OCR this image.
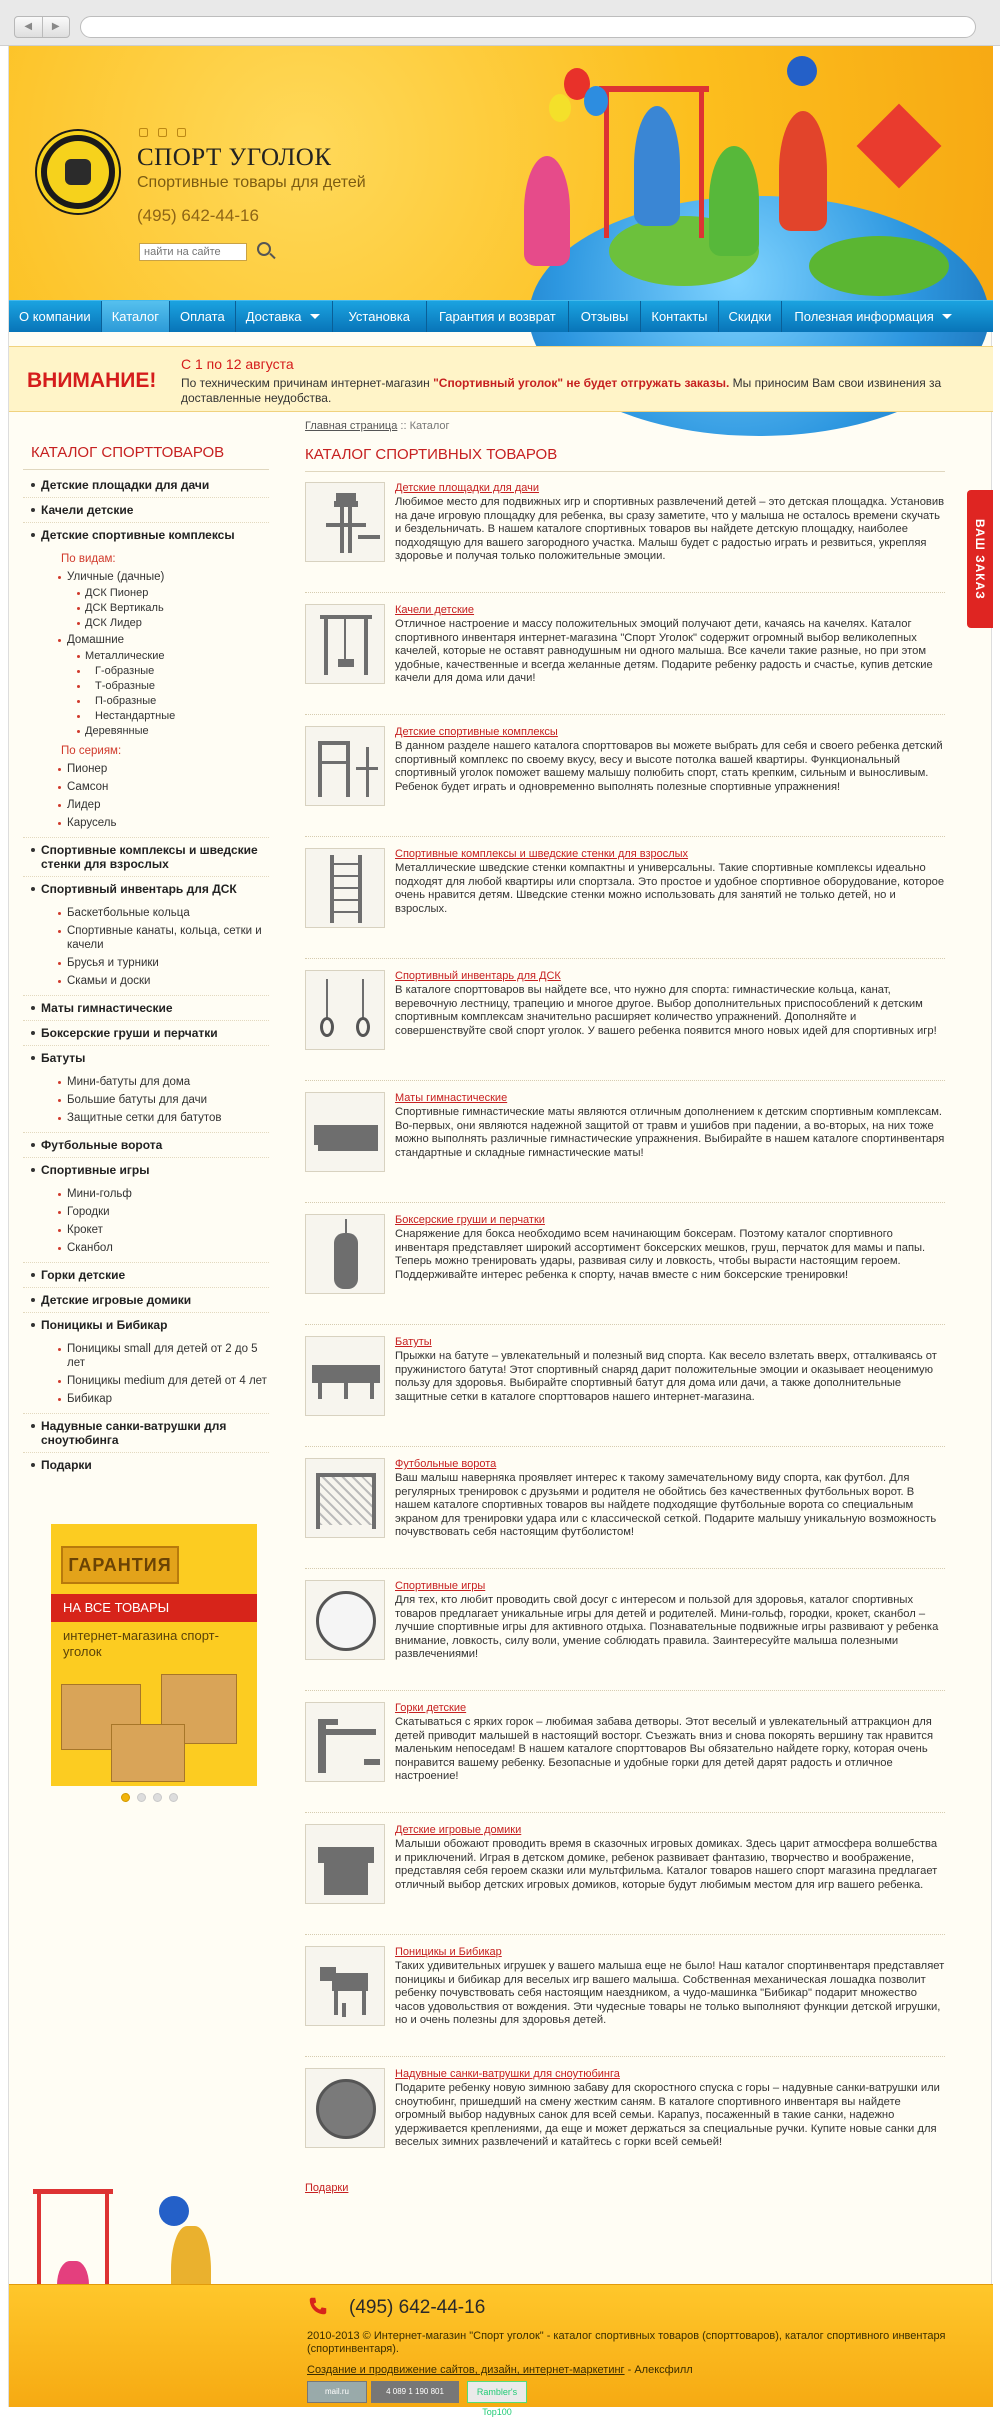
◀	▶
СПОРТ УГОЛОК
Спортивные товары для детей
(495) 642-44-16
найти на сайте
О компании Каталог Оплата Доставка	Установка Гарантия и возврат Отзывы Контакты Скидки Полезная информация
ВНИМАНИЕ!
С 1 по 12 августа
По техническим причинам интернет-магазин "Спортивный уголок" не будет отгружать заказы. Мы приносим Вам свои извинения за доставленные неудобства.
КАТАЛОГ СПОРТТОВАРОВ
Детские площадки для дачи
Качели детские
Детские спортивные комплексы
По видам:
Уличные (дачные)
ДСК Пионер
ДСК Вертикаль
ДСК Лидер
Домашние
Металлические
Г-образные
Т-образные
П-образные
Нестандартные
Деревянные
По сериям:
Пионер
Самсон
Лидер
Карусель
Спортивные комплексы и шведские стенки для взрослых
Спортивный инвентарь для ДСК
Баскетбольные кольца
Спортивные канаты, кольца, сетки и качели
Брусья и турники
Скамьи и доски
Маты гимнастические
Боксерские груши и перчатки
Батуты
Мини-батуты для дома
Большие батуты для дачи
Защитные сетки для батутов
Футбольные ворота
Спортивные игры
Мини-гольф
Городки
Крокет
Сканбол
Горки детские
Детские игровые домики
Поницикы и Бибикар
Поницикы small для детей от 2 до 5 лет
Поницикы medium для детей от 4 лет
Бибикар
Надувные санки-ватрушки для сноутюбинга
Подарки
ГАРАНТИЯ
НА ВСЕ ТОВАРЫ
интернет-магазина спорт-уголок
Главная страница :: Каталог
КАТАЛОГ СПОРТИВНЫХ ТОВАРОВ
Детские площадки для дачи
Любимое место для подвижных игр и спортивных развлечений детей – это детская площадка. Установив на даче игровую площадку для ребенка, вы сразу заметите, что у малыша не осталось времени скучать и бездельничать. В нашем каталоге спортивных товаров вы найдете детскую площадку, наиболее подходящую для вашего загородного участка. Малыш будет с радостью играть и резвиться, укрепляя здоровье и получая только положительные эмоции.
Качели детские
Отличное настроение и массу положительных эмоций получают дети, качаясь на качелях. Каталог спортивного инвентаря интернет-магазина "Спорт Уголок" содержит огромный выбор великолепных качелей, которые не оставят равнодушным ни одного малыша. Все качели такие разные, но при этом удобные, качественные и всегда желанные детям. Подарите ребенку радость и счастье, купив детские качели для дома или дачи!
Детские спортивные комплексы
В данном разделе нашего каталога спорттоваров вы можете выбрать для себя и своего ребенка детский спортивный комплекс по своему вкусу, весу и высоте потолка вашей квартиры. Функциональный спортивный уголок поможет вашему малышу полюбить спорт, стать крепким, сильным и выносливым. Ребенок будет играть и одновременно выполнять полезные спортивные упражнения!
Спортивные комплексы и шведские стенки для взрослых
Металлические шведские стенки компактны и универсальны. Такие спортивные комплексы идеально подходят для любой квартиры или спортзала. Это простое и удобное спортивное оборудование, которое очень нравится детям. Шведские стенки можно использовать для занятий не только детей, но и взрослых.
Спортивный инвентарь для ДСК
В каталоге спорттоваров вы найдете все, что нужно для спорта: гимнастические кольца, канат, веревочную лестницу, трапецию и многое другое. Выбор дополнительных приспособлений к детским спортивным комплексам значительно расширяет количество упражнений. Дополняйте и совершенствуйте свой спорт уголок. У вашего ребенка появится много новых идей для спортивных игр!
Маты гимнастические
Спортивные гимнастические маты являются отличным дополнением к детским спортивным комплексам. Во-первых, они являются надежной защитой от травм и ушибов при падении, а во-вторых, на них тоже можно выполнять различные гимнастические упражнения. Выбирайте в нашем каталоге спортинвентаря стандартные и складные гимнастические маты!
Боксерские груши и перчатки
Снаряжение для бокса необходимо всем начинающим боксерам. Поэтому каталог спортивного инвентаря представляет широкий ассортимент боксерских мешков, груш, перчаток для мамы и папы. Теперь можно тренировать удары, развивая силу и ловкость, чтобы вырасти настоящим героем. Поддерживайте интерес ребенка к спорту, начав вместе с ним боксерские тренировки!
Батуты
Прыжки на батуте – увлекательный и полезный вид спорта. Как весело взлетать вверх, отталкиваясь от пружинистого батута! Этот спортивный снаряд дарит положительные эмоции и оказывает неоценимую пользу для здоровья. Выбирайте спортивный батут для дома или дачи, а также дополнительные защитные сетки в каталоге спорттоваров нашего интернет-магазина.
Футбольные ворота
Ваш малыш наверняка проявляет интерес к такому замечательному виду спорта, как футбол. Для регулярных тренировок с друзьями и родителя не обойтись без качественных футбольных ворот. В нашем каталоге спортивных товаров вы найдете подходящие футбольные ворота со специальным экраном для тренировки удара или с классической сеткой. Подарите малышу уникальную возможность почувствовать себя настоящим футболистом!
Спортивные игры
Для тех, кто любит проводить свой досуг с интересом и пользой для здоровья, каталог спортивных товаров предлагает уникальные игры для детей и родителей. Мини-гольф, городки, крокет, сканбол – лучшие спортивные игры для активного отдыха. Познавательные подвижные игры развивают у ребенка внимание, ловкость, силу воли, умение соблюдать правила. Заинтересуйте малыша полезными развлечениями!
Горки детские
Скатываться с ярких горок – любимая забава детворы. Этот веселый и увлекательный аттракцион для детей приводит малышей в настоящий восторг. Съезжать вниз и снова покорять вершину так нравится маленьким непоседам! В нашем каталоге спорттоваров Вы обязательно найдете горку, которая очень понравится вашему ребенку. Безопасные и удобные горки для детей дарят радость и отличное настроение!
Детские игровые домики
Малыши обожают проводить время в сказочных игровых домиках. Здесь царит атмосфера волшебства и приключений. Играя в детском домике, ребенок развивает фантазию, творчество и воображение, представляя себя героем сказки или мультфильма. Каталог товаров нашего спорт магазина предлагает отличный выбор детских игровых домиков, которые будут любимым местом для игр вашего ребенка.
Поницикы и Бибикар
Таких удивительных игрушек у вашего малыша еще не было! Наш каталог спортинвентаря представляет поницикы и бибикар для веселых игр вашего малыша. Собственная механическая лошадка позволит ребенку почувствовать себя настоящим наездником, а чудо-машинка "Бибикар" подарит множество часов удовольствия от вождения. Эти чудесные товары не только выполняют функции детской игрушки, но и очень полезны для здоровья детей.
Надувные санки-ватрушки для сноутюбинга
Подарите ребенку новую зимнюю забаву для скоростного спуска с горы – надувные санки-ватрушки или сноутюбинг, пришедший на смену жестким саням. В каталоге спортивного инвентаря вы найдете огромный выбор надувных санок для всей семьи. Карапуз, посаженный в такие санки, надежно удерживается креплениями, да еще и может держаться за специальные ручки. Купите новые санки для веселых зимних развлечений и катайтесь с горки всей семьей!
Подарки
ВАШ ЗАКАЗ
(495) 642-44-16
2010-2013 © Интернет-магазин "Спорт уголок" - каталог спортивных товаров (спорттоваров), каталог спортивного инвентаря (спортинвентаря).
Создание и продвижение сайтов, дизайн, интернет-маркетинг - Алексфилл
mail.ru	4 089 1 190 801	Rambler's Top100
